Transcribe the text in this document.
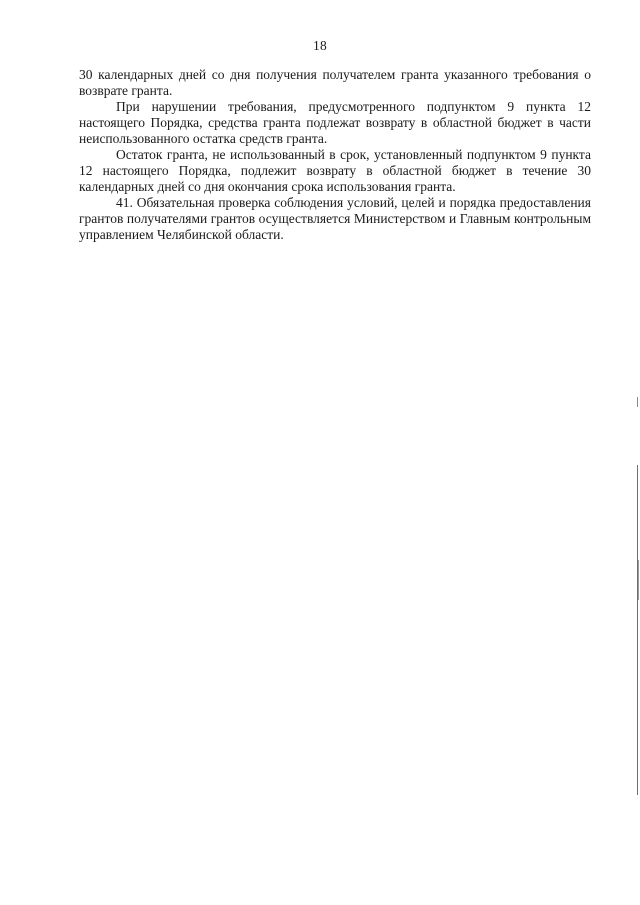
18

30 календарных дней со дня получения получателем гранта указанного требования о возврате гранта.

При нарушении требования, предусмотренного подпунктом 9 пункта 12 настоящего Порядка, средства гранта подлежат возврату в областной бюджет в части неиспользованного остатка средств гранта.

Остаток гранта, не использованный в срок, установленный подпунктом 9 пункта 12 настоящего Порядка, подлежит возврату в областной бюджет в течение 30 календарных дней со дня окончания срока использования гранта.

41. Обязательная проверка соблюдения условий, целей и порядка предоставления грантов получателями грантов осуществляется Министерством и Главным контрольным управлением Челябинской области.
